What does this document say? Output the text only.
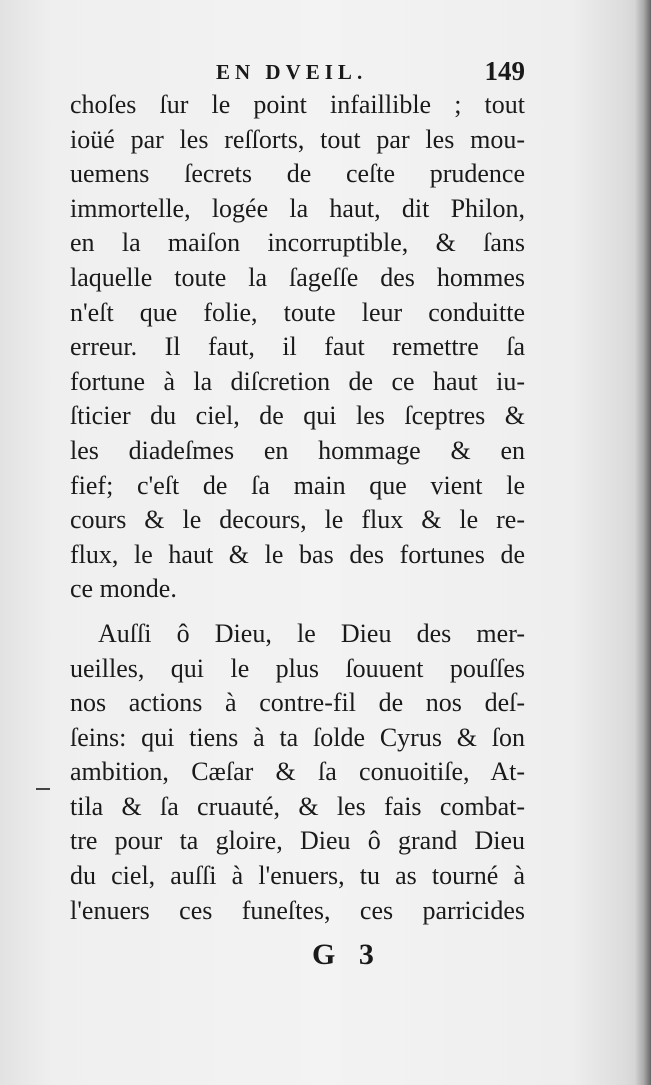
EN DVEIL.	149
choſes ſur le point infaillible ; tout
ioüé par les reſſorts, tout par les mou-
uemens ſecrets de ceſte prudence
immortelle, logée la haut, dit Philon,
en la maiſon incorruptible, & ſans
laquelle toute la ſageſſe des hommes
n'eſt que folie, toute leur conduitte
erreur. Il faut, il faut remettre ſa
fortune à la diſcretion de ce haut iu-
ſticier du ciel, de qui les ſceptres &
les diadeſmes en hommage & en
fief; c'eſt de ſa main que vient le
cours & le decours, le flux & le re-
flux, le haut & le bas des fortunes de
ce monde.
Auſſi ô Dieu, le Dieu des mer-
ueilles, qui le plus ſouuent pouſſes
nos actions à contre-fil de nos deſ-
ſeins: qui tiens à ta ſolde Cyrus & ſon
ambition, Cæſar & ſa conuoitiſe, At-
tila & ſa cruauté, & les fais combat-
tre pour ta gloire, Dieu ô grand Dieu
du ciel, auſſi à l'enuers, tu as tourné à
l'enuers ces funeſtes, ces parricides
G 3
